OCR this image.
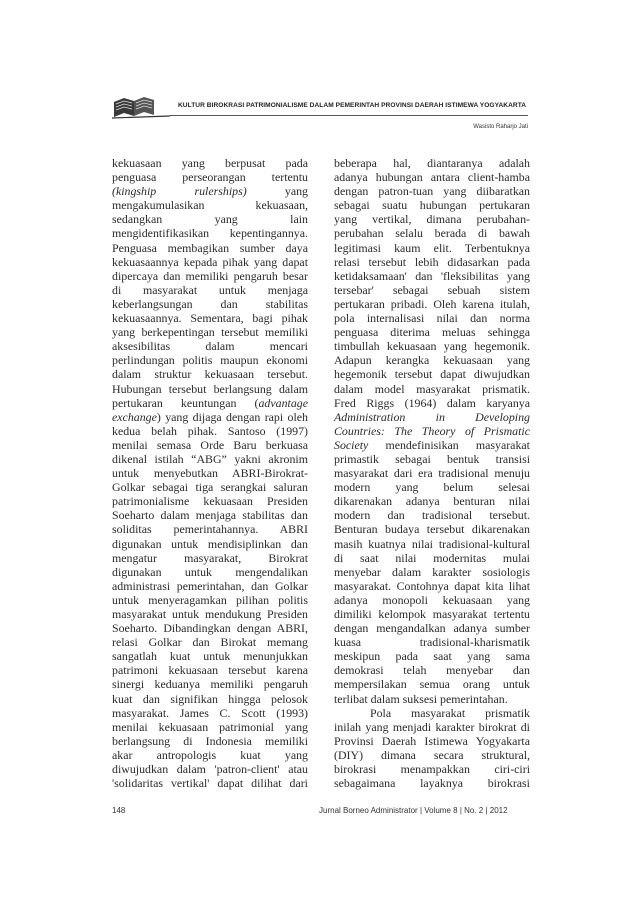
KULTUR BIROKRASI PATRIMONIALISME DALAM PEMERINTAH PROVINSI DAERAH ISTIMEWA YOGYAKARTA
Wasisto Raharjo Jati
kekuasaan yang berpusat pada
penguasa perseorangan tertentu
(kingship rulerships) yang
mengakumulasikan kekuasaan,
sedangkan yang lain
mengidentifikasikan kepentingannya.
Penguasa membagikan sumber daya
kekuasaannya kepada pihak yang dapat
dipercaya dan memiliki pengaruh besar
di masyarakat untuk menjaga
keberlangsungan dan stabilitas
kekuasaannya. Sementara, bagi pihak
yang berkepentingan tersebut memiliki
aksesibilitas dalam mencari
perlindungan politis maupun ekonomi
dalam struktur kekuasaan tersebut.
Hubungan tersebut berlangsung dalam
pertukaran keuntungan (advantage
exchange) yang dijaga dengan rapi oleh
kedua belah pihak. Santoso (1997)
menilai semasa Orde Baru berkuasa
dikenal istilah “ABG” yakni akronim
untuk menyebutkan ABRI-Birokrat-
Golkar sebagai tiga serangkai saluran
patrimonialisme kekuasaan Presiden
Soeharto dalam menjaga stabilitas dan
soliditas pemerintahannya. ABRI
digunakan untuk mendisiplinkan dan
mengatur masyarakat, Birokrat
digunakan untuk mengendalikan
administrasi pemerintahan, dan Golkar
untuk menyeragamkan pilihan politis
masyarakat untuk mendukung Presiden
Soeharto. Dibandingkan dengan ABRI,
relasi Golkar dan Birokat memang
sangatlah kuat untuk menunjukkan
patrimoni kekuasaan tersebut karena
sinergi keduanya memiliki pengaruh
kuat dan signifikan hingga pelosok
masyarakat. James C. Scott (1993)
menilai kekuasaan patrimonial yang
berlangsung di Indonesia memiliki
akar antropologis kuat yang
diwujudkan dalam 'patron-client' atau
'solidaritas vertikal' dapat dilihat dari
beberapa hal, diantaranya adalah
adanya hubungan antara client-hamba
dengan patron-tuan yang diibaratkan
sebagai suatu hubungan pertukaran
yang vertikal, dimana perubahan-
perubahan selalu berada di bawah
legitimasi kaum elit. Terbentuknya
relasi tersebut lebih didasarkan pada
ketidaksamaan' dan 'fleksibilitas yang
tersebar' sebagai sebuah sistem
pertukaran pribadi. Oleh karena itulah,
pola internalisasi nilai dan norma
penguasa diterima meluas sehingga
timbullah kekuasaan yang hegemonik.
Adapun kerangka kekuasaan yang
hegemonik tersebut dapat diwujudkan
dalam model masyarakat prismatik.
Fred Riggs (1964) dalam karyanya
Administration in Developing
Countries: The Theory of Prismatic
Society mendefinisikan masyarakat
primastik sebagai bentuk transisi
masyarakat dari era tradisional menuju
modern yang belum selesai
dikarenakan adanya benturan nilai
modern dan tradisional tersebut.
Benturan budaya tersebut dikarenakan
masih kuatnya nilai tradisional-kultural
di saat nilai modernitas mulai
menyebar dalam karakter sosiologis
masyarakat. Contohnya dapat kita lihat
adanya monopoli kekuasaan yang
dimiliki kelompok masyarakat tertentu
dengan mengandalkan adanya sumber
kuasa tradisional-kharismatik
meskipun pada saat yang sama
demokrasi telah menyebar dan
mempersilakan semua orang untuk
terlibat dalam suksesi pemerintahan.
Pola masyarakat prismatik
inilah yang menjadi karakter birokrat di
Provinsi Daerah Istimewa Yogyakarta
(DIY) dimana secara struktural,
birokrasi menampakkan ciri-ciri
sebagaimana layaknya birokrasi
148	Jurnal Borneo Administrator | Volume 8 | No. 2 | 2012
